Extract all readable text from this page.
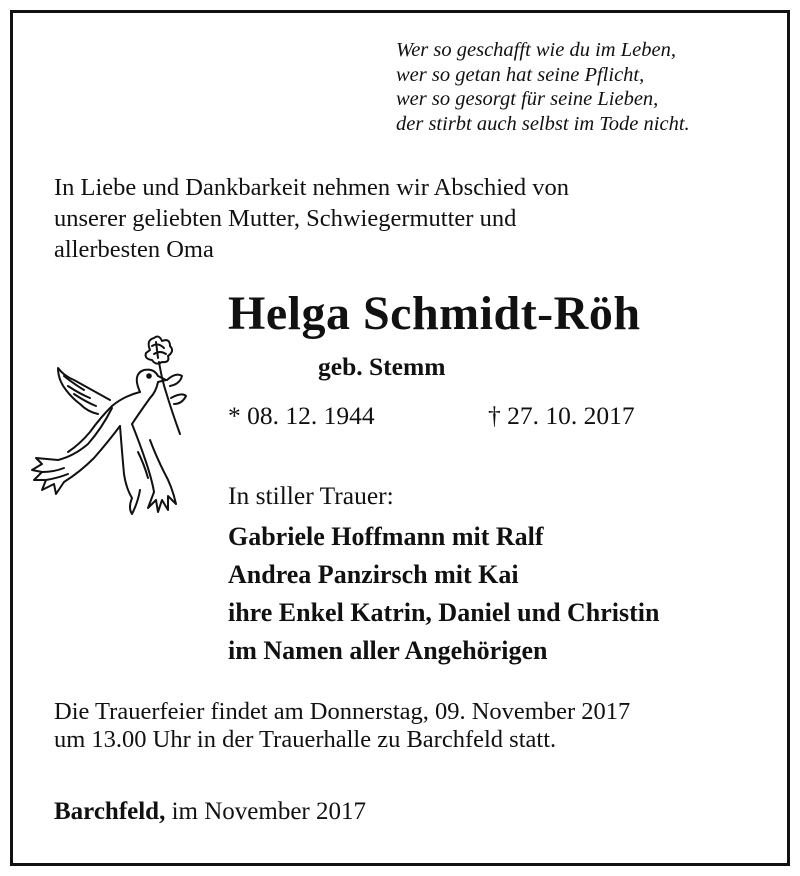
Wer so geschafft wie du im Leben,
wer so getan hat seine Pflicht,
wer so gesorgt für seine Lieben,
der stirbt auch selbst im Tode nicht.
In Liebe und Dankbarkeit nehmen wir Abschied von
unserer geliebten Mutter, Schwiegermutter und
allerbesten Oma
Helga Schmidt-Röh
geb. Stemm
* 08. 12. 1944	† 27. 10. 2017
In stiller Trauer:
Gabriele Hoffmann mit Ralf
Andrea Panzirsch mit Kai
ihre Enkel Katrin, Daniel und Christin
im Namen aller Angehörigen
Die Trauerfeier findet am Donnerstag, 09. November 2017
um 13.00 Uhr in der Trauerhalle zu Barchfeld statt.
Barchfeld, im November 2017
